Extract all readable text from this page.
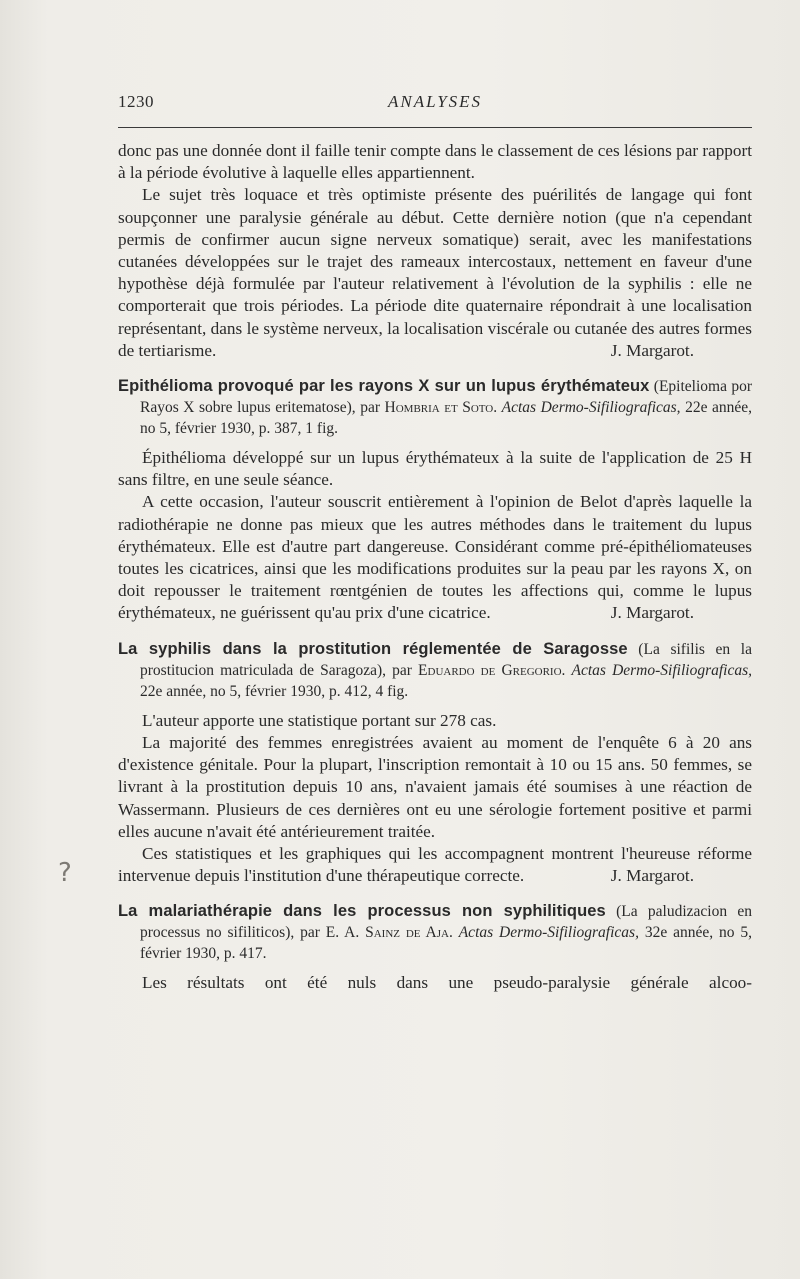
?
1230	ANALYSES

donc pas une donnée dont il faille tenir compte dans le classement de ces lésions par rapport à la période évolutive à laquelle elles appartiennent.

Le sujet très loquace et très optimiste présente des puérilités de langage qui font soupçonner une paralysie générale au début. Cette dernière notion (que n'a cependant permis de confirmer aucun signe nerveux somatique) serait, avec les manifestations cutanées développées sur le trajet des rameaux intercostaux, nettement en faveur d'une hypothèse déjà formulée par l'auteur relativement à l'évolution de la syphilis : elle ne comporterait que trois périodes. La période dite quaternaire répondrait à une localisation représentant, dans le système nerveux, la localisation viscérale ou cutanée des autres formes de tertiarisme.	J. Margarot.
Epithélioma provoqué par les rayons X sur un lupus érythémateux (Epitelioma por Rayos X sobre lupus eritematose), par Hombria et Soto. Actas Dermo-Sifiliograficas, 22e année, no 5, février 1930, p. 387, 1 fig.

Épithélioma développé sur un lupus érythémateux à la suite de l'application de 25 H sans filtre, en une seule séance.

A cette occasion, l'auteur souscrit entièrement à l'opinion de Belot d'après laquelle la radiothérapie ne donne pas mieux que les autres méthodes dans le traitement du lupus érythémateux. Elle est d'autre part dangereuse. Considérant comme pré-épithéliomateuses toutes les cicatrices, ainsi que les modifications produites sur la peau par les rayons X, on doit repousser le traitement rœntgénien de toutes les affections qui, comme le lupus érythémateux, ne guérissent qu'au prix d'une cicatrice.	J. Margarot.
La syphilis dans la prostitution réglementée de Saragosse (La sifilis en la prostitucion matriculada de Saragoza), par Eduardo de Gregorio. Actas Dermo-Sifiliograficas, 22e année, no 5, février 1930, p. 412, 4 fig.

L'auteur apporte une statistique portant sur 278 cas.

La majorité des femmes enregistrées avaient au moment de l'enquête 6 à 20 ans d'existence génitale. Pour la plupart, l'inscription remontait à 10 ou 15 ans. 50 femmes, se livrant à la prostitution depuis 10 ans, n'avaient jamais été soumises à une réaction de Wassermann. Plusieurs de ces dernières ont eu une sérologie fortement positive et parmi elles aucune n'avait été antérieurement traitée.

Ces statistiques et les graphiques qui les accompagnent montrent l'heureuse réforme intervenue depuis l'institution d'une thérapeutique correcte.	J. Margarot.
La malariathérapie dans les processus non syphilitiques (La paludizacion en processus no sifiliticos), par E. A. Sainz de Aja. Actas Dermo-Sifiliograficas, 32e année, no 5, février 1930, p. 417.

Les résultats ont été nuls dans une pseudo-paralysie générale alcoo-
